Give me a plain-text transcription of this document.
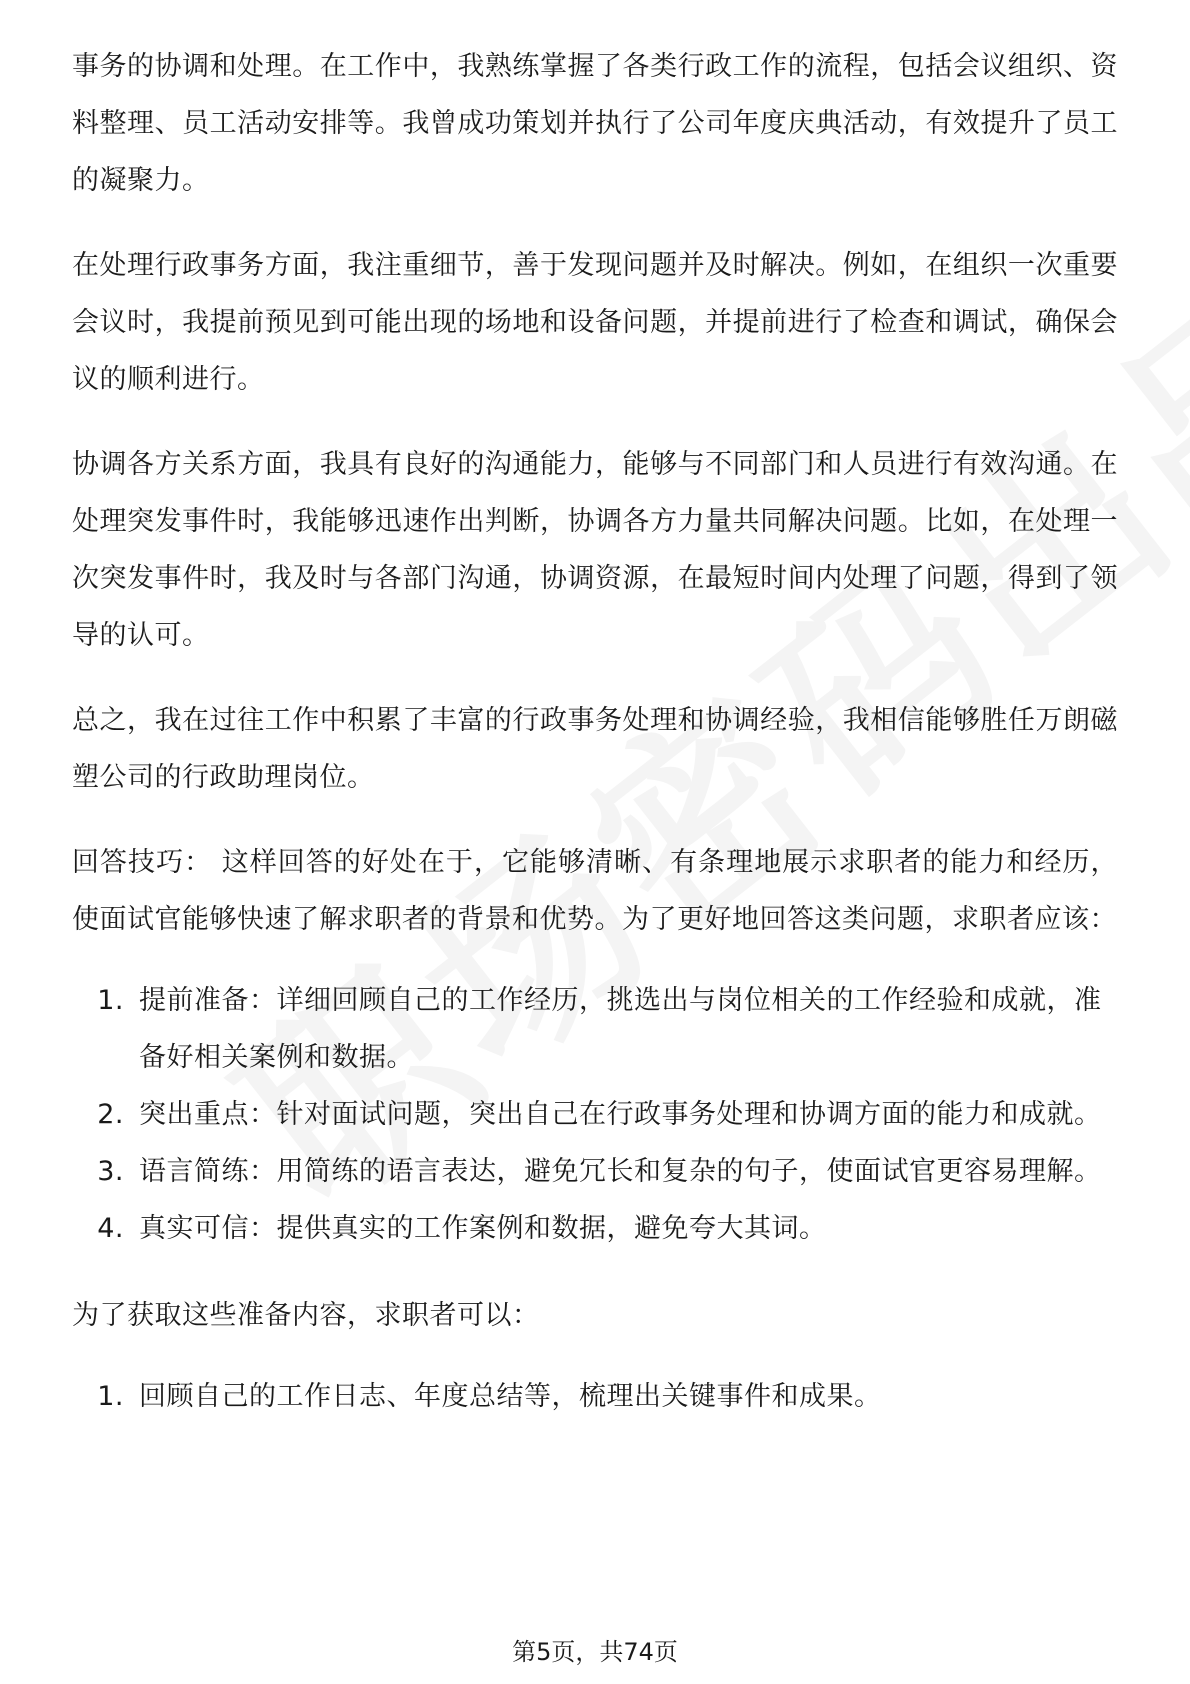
事务的协调和处理。在工作中，我熟练掌握了各类行政工作的流程，包括会议组织、资料整理、员工活动安排等。我曾成功策划并执行了公司年度庆典活动，有效提升了员工的凝聚力。

在处理行政事务方面，我注重细节，善于发现问题并及时解决。例如，在组织一次重要会议时，我提前预见到可能出现的场地和设备问题，并提前进行了检查和调试，确保会议的顺利进行。

协调各方关系方面，我具有良好的沟通能力，能够与不同部门和人员进行有效沟通。在处理突发事件时，我能够迅速作出判断，协调各方力量共同解决问题。比如，在处理一次突发事件时，我及时与各部门沟通，协调资源，在最短时间内处理了问题，得到了领导的认可。

总之，我在过往工作中积累了丰富的行政事务处理和协调经验，我相信能够胜任万朗磁塑公司的行政助理岗位。

回答技巧： 这样回答的好处在于，它能够清晰、有条理地展示求职者的能力和经历，使面试官能够快速了解求职者的背景和优势。为了更好地回答这类问题，求职者应该：

1. 提前准备：详细回顾自己的工作经历，挑选出与岗位相关的工作经验和成就，准备好相关案例和数据。
2. 突出重点：针对面试问题，突出自己在行政事务处理和协调方面的能力和成就。
3. 语言简练：用简练的语言表达，避免冗长和复杂的句子，使面试官更容易理解。
4. 真实可信：提供真实的工作案例和数据，避免夸大其词。

为了获取这些准备内容，求职者可以：

1. 回顾自己的工作日志、年度总结等，梳理出关键事件和成果。
第5页，共74页
